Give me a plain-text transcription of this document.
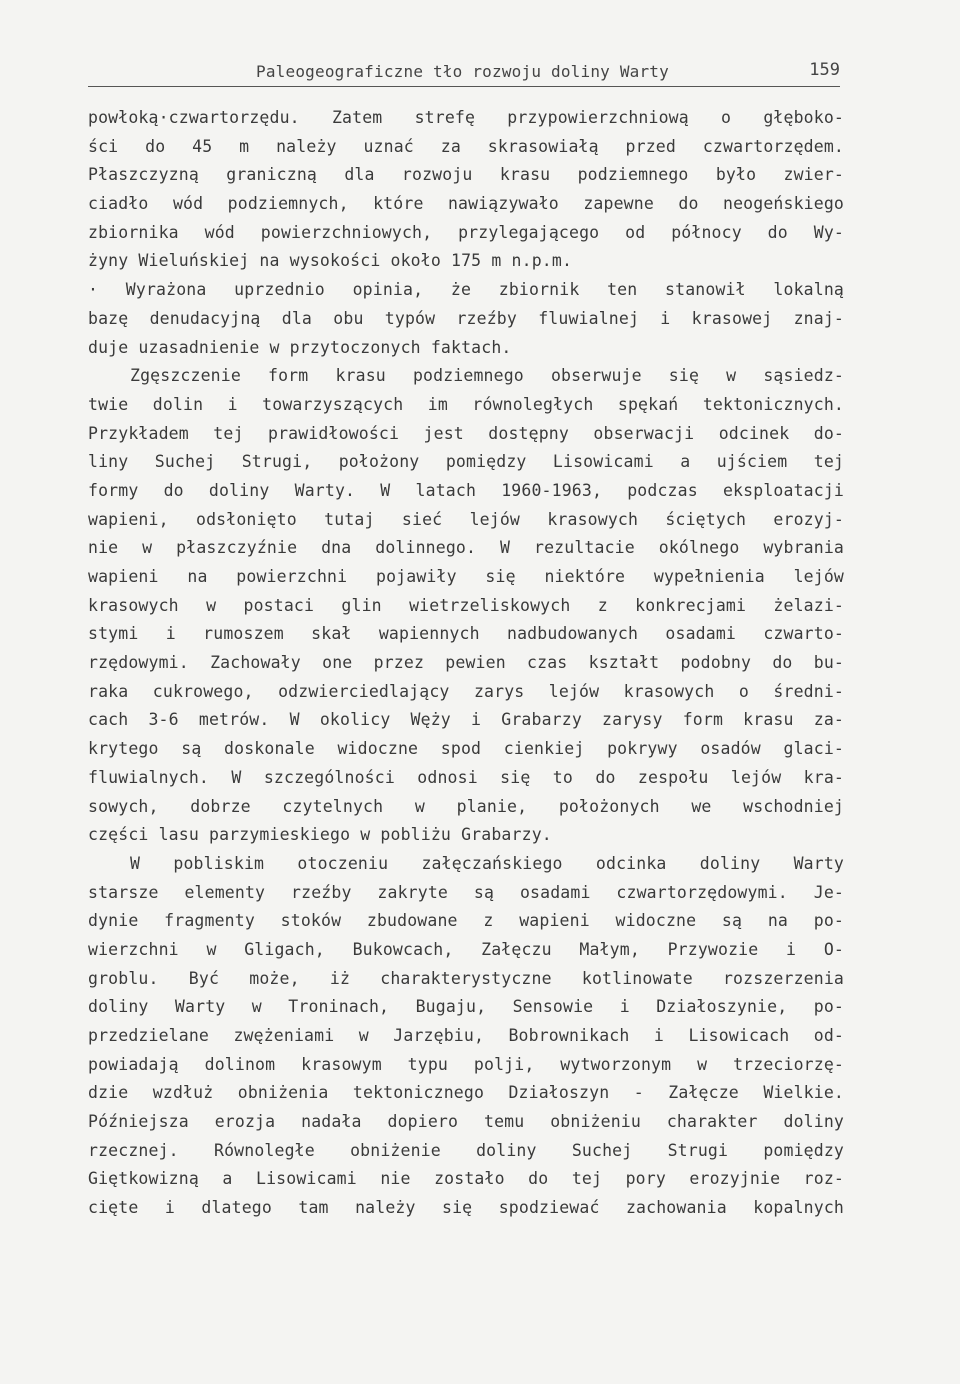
Paleogeograficzne tło rozwoju doliny Warty	159
powłoką·czwartorzędu. Zatem strefę przypowierzchniową o głęboko-
ści do 45 m należy uznać za skrasowiałą przed czwartorzędem.
Płaszczyzną graniczną dla rozwoju krasu podziemnego było zwier-
ciadło wód podziemnych, które nawiązywało zapewne do neogeńskiego
zbiornika wód powierzchniowych, przylegającego od północy do Wy-
żyny Wieluńskiej na wysokości około 175 m n.p.m.
· Wyrażona uprzednio opinia, że zbiornik ten stanowił lokalną
bazę denudacyjną dla obu typów rzeźby fluwialnej i krasowej znaj-
duje uzasadnienie w przytoczonych faktach.
Zgęszczenie form krasu podziemnego obserwuje się w sąsiedz-
twie dolin i towarzyszących im równoległych spękań tektonicznych.
Przykładem tej prawidłowości jest dostępny obserwacji odcinek do-
liny Suchej Strugi, położony pomiędzy Lisowicami a ujściem tej
formy do doliny Warty. W latach 1960-1963, podczas eksploatacji
wapieni, odsłonięto tutaj sieć lejów krasowych ściętych erozyj-
nie w płaszczyźnie dna dolinnego. W rezultacie okólnego wybrania
wapieni na powierzchni pojawiły się niektóre wypełnienia lejów
krasowych w postaci glin wietrzeliskowych z konkrecjami żelazi-
stymi i rumoszem skał wapiennych nadbudowanych osadami czwarto-
rzędowymi. Zachowały one przez pewien czas kształt podobny do bu-
raka cukrowego, odzwierciedlający zarys lejów krasowych o średni-
cach 3-6 metrów. W okolicy Węży i Grabarzy zarysy form krasu za-
krytego są doskonale widoczne spod cienkiej pokrywy osadów glaci-
fluwialnych. W szczególności odnosi się to do zespołu lejów kra-
sowych, dobrze czytelnych w planie, położonych we wschodniej
części lasu parzymieskiego w pobliżu Grabarzy.
W pobliskim otoczeniu załęczańskiego odcinka doliny Warty
starsze elementy rzeźby zakryte są osadami czwartorzędowymi. Je-
dynie fragmenty stoków zbudowane z wapieni widoczne są na po-
wierzchni w Gligach, Bukowcach, Załęczu Małym, Przywozie i O-
groblu. Być może, iż charakterystyczne kotlinowate rozszerzenia
doliny Warty w Troninach, Bugaju, Sensowie i Działoszynie, po-
przedzielane zwężeniami w Jarzębiu, Bobrownikach i Lisowicach od-
powiadają dolinom krasowym typu polji, wytworzonym w trzeciorzę-
dzie wzdłuż obniżenia tektonicznego Działoszyn - Załęcze Wielkie.
Późniejsza erozja nadała dopiero temu obniżeniu charakter doliny
rzecznej. Równoległe obniżenie doliny Suchej Strugi pomiędzy
Giętkowizną a Lisowicami nie zostało do tej pory erozyjnie roz-
cięte i dlatego tam należy się spodziewać zachowania kopalnych
